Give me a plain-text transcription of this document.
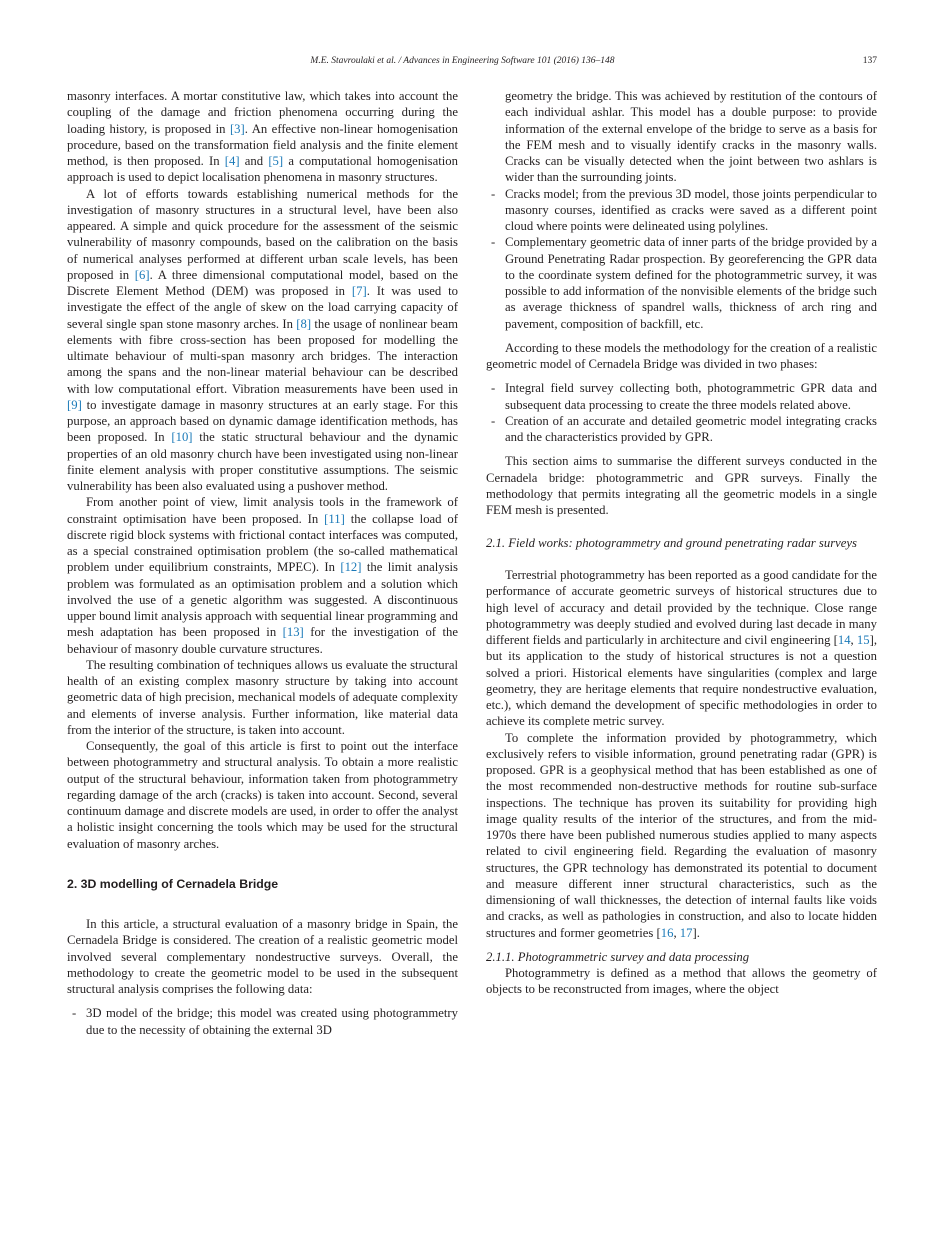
M.E. Stavroulaki et al. / Advances in Engineering Software 101 (2016) 136–148	137

masonry interfaces. A mortar constitutive law, which takes into account the coupling of the damage and friction phenomena occurring during the loading history, is proposed in [3]. An effective non-linear homogenisation procedure, based on the transformation field analysis and the finite element method, is then proposed. In [4] and [5] a computational homogenisation approach is used to depict localisation phenomena in masonry structures.

A lot of efforts towards establishing numerical methods for the investigation of masonry structures in a structural level, have been also appeared. A simple and quick procedure for the assessment of the seismic vulnerability of masonry compounds, based on the calibration on the basis of numerical analyses performed at different urban scale levels, has been proposed in [6]. A three dimensional computational model, based on the Discrete Element Method (DEM) was proposed in [7]. It was used to investigate the effect of the angle of skew on the load carrying capacity of several single span stone masonry arches. In [8] the usage of nonlinear beam elements with fibre cross-section has been proposed for modelling the ultimate behaviour of multi-span masonry arch bridges. The interaction among the spans and the non-linear material behaviour can be described with low computational effort. Vibration measurements have been used in [9] to investigate damage in masonry structures at an early stage. For this purpose, an approach based on dynamic damage identification methods, has been proposed. In [10] the static structural behaviour and the dynamic properties of an old masonry church have been investigated using non-linear finite element analysis with proper constitutive assumptions. The seismic vulnerability has been also evaluated using a pushover method.

From another point of view, limit analysis tools in the framework of constraint optimisation have been proposed. In [11] the collapse load of discrete rigid block systems with frictional contact interfaces was computed, as a special constrained optimisation problem (the so-called mathematical problem under equilibrium constraints, MPEC). In [12] the limit analysis problem was formulated as an optimisation problem and a solution which involved the use of a genetic algorithm was suggested. A discontinuous upper bound limit analysis approach with sequential linear programming and mesh adaptation has been proposed in [13] for the investigation of the behaviour of masonry double curvature structures.

The resulting combination of techniques allows us evaluate the structural health of an existing complex masonry structure by taking into account geometric data of high precision, mechanical models of adequate complexity and elements of inverse analysis. Further information, like material data from the interior of the structure, is taken into account.

Consequently, the goal of this article is first to point out the interface between photogrammetry and structural analysis. To obtain a more realistic output of the structural behaviour, information taken from photogrammetry regarding damage of the arch (cracks) is taken into account. Second, several continuum damage and discrete models are used, in order to offer the analyst a holistic insight concerning the tools which may be used for the structural evaluation of masonry arches.

2. 3D modelling of Cernadela Bridge

In this article, a structural evaluation of a masonry bridge in Spain, the Cernadela Bridge is considered. The creation of a realistic geometric model involved several complementary nondestructive surveys. Overall, the methodology to create the geometric model to be used in the subsequent structural analysis comprises the following data:

- 3D model of the bridge; this model was created using photogrammetry due to the necessity of obtaining the external 3D
geometry the bridge. This was achieved by restitution of the contours of each individual ashlar. This model has a double purpose: to provide information of the external envelope of the bridge to serve as a basis for the FEM mesh and to visually identify cracks in the masonry walls. Cracks can be visually detected when the joint between two ashlars is wider than the surrounding joints.
- Cracks model; from the previous 3D model, those joints perpendicular to masonry courses, identified as cracks were saved as a different point cloud where points were delineated using polylines.
- Complementary geometric data of inner parts of the bridge provided by a Ground Penetrating Radar prospection. By georeferencing the GPR data to the coordinate system defined for the photogrammetric survey, it was possible to add information of the nonvisible elements of the bridge such as average thickness of spandrel walls, thickness of arch ring and pavement, composition of backfill, etc.

According to these models the methodology for the creation of a realistic geometric model of Cernadela Bridge was divided in two phases:

- Integral field survey collecting both, photogrammetric GPR data and subsequent data processing to create the three models related above.
- Creation of an accurate and detailed geometric model integrating cracks and the characteristics provided by GPR.

This section aims to summarise the different surveys conducted in the Cernadela bridge: photogrammetric and GPR surveys. Finally the methodology that permits integrating all the geometric models in a single FEM mesh is presented.

2.1. Field works: photogrammetry and ground penetrating radar surveys

Terrestrial photogrammetry has been reported as a good candidate for the performance of accurate geometric surveys of historical structures due to high level of accuracy and detail provided by the technique. Close range photogrammetry was deeply studied and evolved during last decade in many different fields and particularly in architecture and civil engineering [14, 15], but its application to the study of historical structures is not a question solved a priori. Historical elements have singularities (complex and large geometry, they are heritage elements that require nondestructive evaluation, etc.), which demand the development of specific methodologies in order to achieve its complete metric survey.

To complete the information provided by photogrammetry, which exclusively refers to visible information, ground penetrating radar (GPR) is proposed. GPR is a geophysical method that has been established as one of the most recommended non-destructive methods for routine sub-surface inspections. The technique has proven its suitability for providing high image quality results of the interior of the structures, and from the mid-1970s there have been published numerous studies applied to many aspects related to civil engineering field. Regarding the evaluation of masonry structures, the GPR technology has demonstrated its potential to document and measure different inner structural characteristics, such as the dimensioning of wall thicknesses, the detection of internal faults like voids and cracks, as well as pathologies in construction, and also to locate hidden structures and former geometries [16, 17].

2.1.1. Photogrammetric survey and data processing

Photogrammetry is defined as a method that allows the geometry of objects to be reconstructed from images, where the object
